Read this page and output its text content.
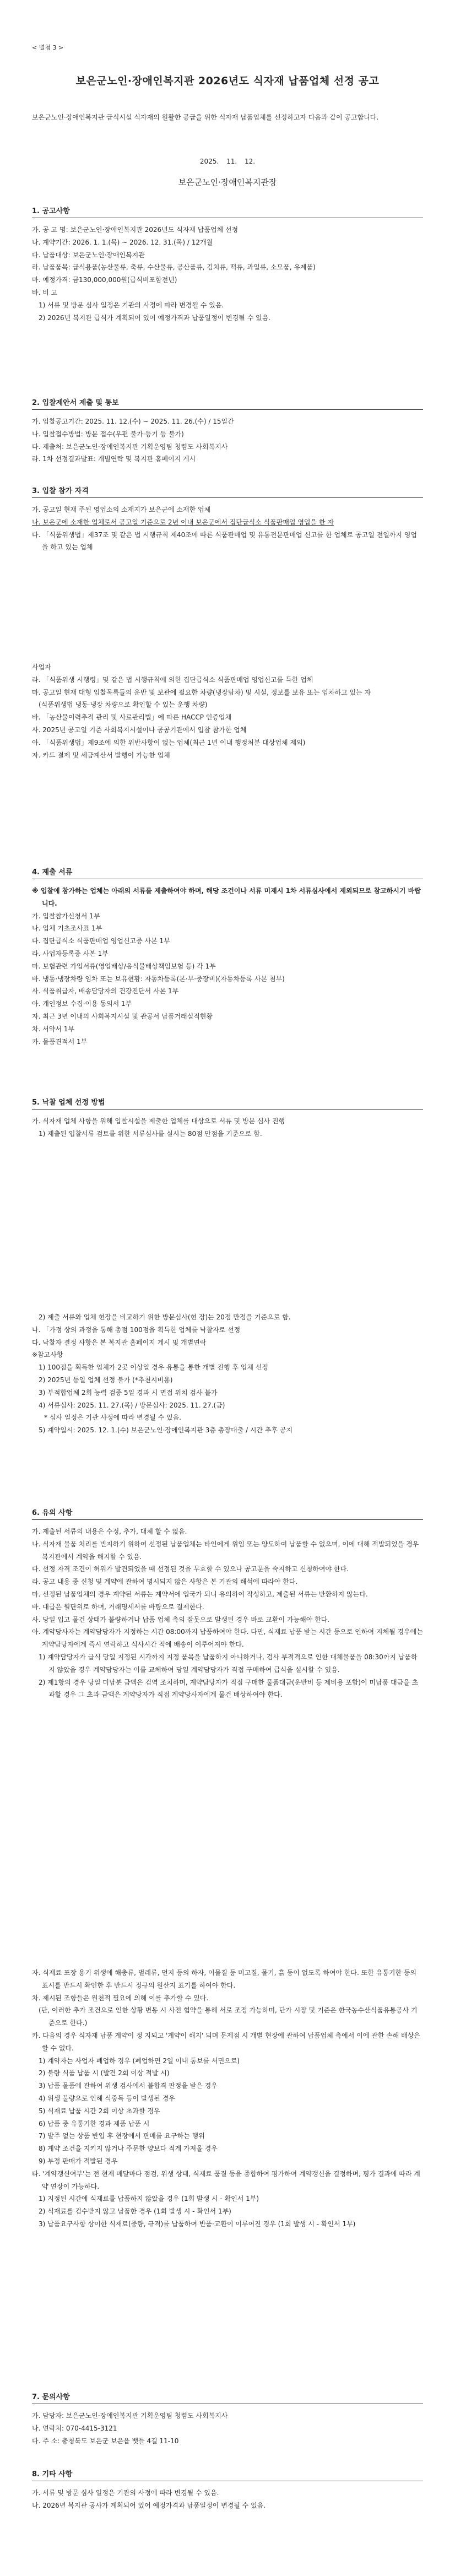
< 별첨 3 >
보은군노인·장애인복지관 2026년도 식자재 납품업체 선정 공고
보은군노인·장애인복지관 급식시설 식자재의 원활한 공급을 위한 식자재 납품업체를 선정하고자 다음과 같이 공고합니다.
2025. 11. 12.
보은군노인·장애인복지관장
1. 공고사항
가. 공 고 명: 보은군노인·장애인복지관 2026년도 식자재 납품업체 선정
나. 계약기간: 2026. 1. 1.(목) ~ 2026. 12. 31.(목) / 12개월
다. 납품대상: 보은군노인·장애인복지관
라. 납품품목: 급식용품(농산물류, 축류, 수산물류, 공산품류, 김치류, 떡류, 과일류, 소모품, 유제품)
마. 예정가격: 금130,000,000원(급식비포함전년)
바. 비 고
1) 서류 및 방문 심사 일정은 기관의 사정에 따라 변경될 수 있음.
2) 2026년 복지관 급식가 계획되어 있어 예정가격과 납품일정이 변경될 수 있음.
2. 입찰제안서 제출 및 통보
가. 입찰공고기간: 2025. 11. 12.(수) ~ 2025. 11. 26.(수) / 15일간
나. 입찰접수방법: 방문 접수(우편 불가·등기 등 불가)
다. 제출처: 보은군노인·장애인복지관 기획운영팀 청렴도 사회복지사
라. 1차 선정결과발표: 개별연락 및 복지관 홈페이지 게시
3. 입찰 참가 자격
가. 공고일 현재 주된 영업소의 소재지가 보은군에 소재한 업체
나. 보은군에 소재한 업체로서 공고일 기준으로 2년 이내 보은군에서 집단급식소 식품판매업 영업을 한 자
다. 「식품위생법」제37조 및 같은 법 시행규칙 제40조에 따른 식품판매업 및 유통전문판매업 신고를 한 업체로 공고일 전일까지 영업을 하고 있는 업체
사업자
라. 「식품위생 시행령」및 같은 법 시행규칙에 의한 집단급식소 식품판매업 영업신고를 득한 업체
마. 공고일 현재 대형 입찰목록들의 운반 및 보관에 필요한 차량(냉장탑차) 및 시설, 정보를 보유 또는 임차하고 있는 자
(식품위생법 냉동·냉장 차량으로 확인할 수 있는 운행 차량)
바. 「농산물이력추적 관리 및 사료관리법」에 따른 HACCP 인증업체
사. 2025년 공고일 기준 사회복지시설이나 공공기관에서 입찰 참가한 업체
아. 「식품위생법」제9조에 의한 위반사항이 없는 업체(최근 1년 이내 행정처분 대상업체 제외)
자. 카드 결제 및 세금계산서 발행이 가능한 업체
4. 제출 서류
※ 입찰에 참가하는 업체는 아래의 서류를 제출하여야 하며, 해당 조건이나 서류 미제시 1차 서류심사에서 제외되므로 참고하시기 바랍니다.
가. 입찰참가신청서 1부
나. 업체 기초조사표 1부
다. 집단급식소 식품판매업 영업신고증 사본 1부
라. 사업자등록증 사본 1부
마. 보험관련 가입서류(영업배상/음식물배상책임보험 등) 각 1부
바. 냉동·냉장차량 임차 또는 보유현황: 자동차등록(본·부·중장비)(자동차등록 사본 첨부)
사. 식품취급자, 배송담당자의 건강진단서 사본 1부
아. 개인정보 수집·이용 동의서 1부
자. 최근 3년 이내의 사회복지시설 및 관공서 납품거래실적현황
차. 서약서 1부
카. 물품견적서 1부
5. 낙찰 업체 선정 방법
가. 식자재 업체 사항을 위해 입찰시설을 제출한 업체를 대상으로 서류 및 방문 심사 진행
1) 제출된 입찰서류 검토를 위한 서류심사를 실시는 80점 만점을 기준으로 함.
2) 제출 서류와 업체 현장을 비교하기 위한 방문심사(현 장)는 20점 만점을 기준으로 함.
나. 「가정 상의 과정을 통해 총점 100점을 획득한 업체를 낙찰자로 선정
다. 낙찰자 결정 사항은 본 복지관 홈페이지 게시 및 개별연락
※참고사항
1) 100점을 획득한 업체가 2곳 이상일 경우 유통을 통한 개별 진행 후 업체 선정
2) 2025년 등일 업체 선정 불가 (*추천시비용)
3) 부적합업체 2회 능력 검증 5일 경과 시 면접 위치 검사 불가
4) 서류심사: 2025. 11. 27.(목) / 방문심사: 2025. 11. 27.(금)
* 심사 일정은 기관 사정에 따라 변경될 수 있음.
5) 계약일시: 2025. 12. 1.(수) 보은군노인·장애인복지관 3층 총장대출 / 시간 추후 공지
6. 유의 사항
가. 제출된 서류의 내용은 수정, 추가, 대체 할 수 없음.
나. 식자재 물품 처리를 빈지하기 위하여 선정된 납품업체는 타인에게 위임 또는 양도하여 납품할 수 없으며, 이에 대해 적발되었을 경우 복지관에서 계약을 해지할 수 있음.
다. 선정 자격 조건이 허위가 발견되었을 때 선정된 것을 무효할 수 있으나 공고문을 숙지하고 신청하여야 한다.
라. 공고 내용 중 신청 및 계약에 관하여 명시되지 않은 사항은 본 기관의 해석에 따라야 한다.
마. 선정된 납품업체의 경우 계약된 서류는 계약서에 입국가 되니 유의하여 작성하고, 제출된 서류는 반환하지 않는다.
바. 대급은 월단위로 하며, 거래명세서를 바탕으로 결제한다.
사. 당일 입고 물건 상태가 불량하거나 납품 업체 측의 잘못으로 발생된 경우 바로 교환이 가능해야 한다.
아. 계약당사자는 계약담당자가 지정하는 시간 08:00까지 납품하여야 한다. 다만, 식재료 납품 받는 시간 등으로 인하여 지체될 경우에는 계약담당자에게 즉시 연락하고 식사시간 적에 배송이 이루어져야 한다.
1) 계약담당자가 급식 당일 지정된 시각까지 지정 품목을 납품하지 아니하거나, 검사 부적격으로 인한 대체물품을 08:30까지 납품하지 않았을 경우 계약담당자는 이를 교체하여 당일 계약담당자가 직접 구매하여 급식을 실시할 수 있음.
2) 제1항의 경우 당일 미납분 금액은 검역 조치하며, 계약담당자가 직접 구매한 물품대금(운반비 등 제비용 포함)이 미납품 대금을 초과할 경우 그 초과 금액은 계약당자가 직접 계약당사자에게 물건 배상하여야 한다.
자. 식재료 포장 용기 위생에 해충류, 벌레류, 먼지 등의 하자, 이물질 등 미고질, 물기, 흙 등이 없도록 하여야 한다. 또한 유통기한 등의 표시를 반드시 확인한 후 반드시 정규의 원산지 표기를 하여야 한다.
차. 제시된 조항들은 원천적 필요에 의해 이를 추가할 수 있다.
(단, 이러한 추가 조건으로 인한 상황 변동 시 사전 협약을 통해 서로 조정 가능하며, 단가 시장 및 기준은 한국농수산식품유통공사 기준으로 한다.)
카. 다음의 경우 식자재 납품 계약이 정 지되고 '계약이 해지' 되며 문제점 시 개별 현장에 관하여 납품업체 측에서 이에 관한 손해 배상은 할 수 없다.
1) 계약자는 사업자 폐업하 경우 (폐업하면 2일 이내 통보를 서면으로)
2) 불량 식품 납품 시 (발견 2회 이상 적발 시)
3) 납품 물품에 관하여 위생 검사에서 불합격 판정을 받은 경우
4) 위생 불량으로 인해 식중독 등이 발생된 경우
5) 식재료 납품 시간 2회 이상 초과할 경우
6) 납품 중 유통기한 경과 제품 납품 시
7) 발주 없는 상품 반입 후 현장에서 판매를 요구하는 행위
8) 계약 조건을 지키지 않거나 주문한 양보다 적게 가져올 경우
9) 부정 판매가 적발된 경우
타. '계약갱신여부'는 전 현재 매달마다 점검, 위생 상태, 식재료 품질 등을 종합하여 평가하여 계약갱신을 결정하며, 평가 결과에 따라 계약 연장이 가능하다.
1) 지정된 시간에 식재료를 납품하지 않았을 경우 (1회 발생 시 - 확인서 1부)
2) 식재료를 검수받지 않고 납품한 경우 (1회 발생 시 - 확인서 1부)
3) 납품요구사항 상이한 식재료(중량, 규격)를 납품하여 반품·교환이 이루어진 경우 (1회 발생 시 - 확인서 1부)
7. 문의사항
가. 담당자: 보은군노인·장애인복지관 기획운영팀 청렴도 사회복지사
나. 연락처: 070-4415-3121
다. 주 소: 충청북도 보은군 보은읍 뱃들 4길 11-10
8. 기타 사항
가. 서류 및 방문 심사 일정은 기관의 사정에 따라 변경될 수 있음.
나. 2026년 복지관 공사가 계획되어 있어 예정가격과 납품일정이 변경될 수 있음.
